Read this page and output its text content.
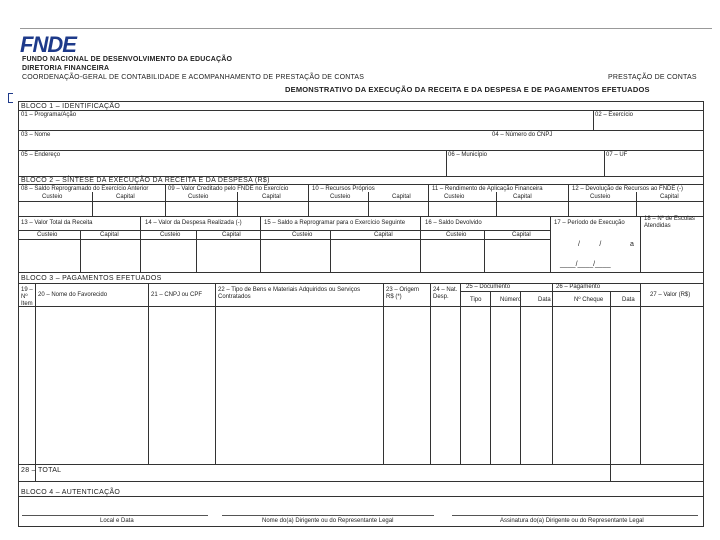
FNDE
FUNDO NACIONAL DE DESENVOLVIMENTO DA EDUCAÇÃO
DIRETORIA FINANCEIRA
COORDENAÇÃO-GERAL DE CONTABILIDADE E ACOMPANHAMENTO DE PRESTAÇÃO DE CONTAS	PRESTAÇÃO DE CONTAS
DEMONSTRATIVO DA EXECUÇÃO DA RECEITA E DA DESPESA E DE PAGAMENTOS EFETUADOS
BLOCO 1 – IDENTIFICAÇÃO
01 – Programa/Ação	02 – Exercício
03 – Nome	04 – Número do CNPJ
05 – Endereço	06 – Município	07 – UF
BLOCO 2 – SÍNTESE DA EXECUÇÃO DA RECEITA E DA DESPESA (R$)
08 – Saldo Reprogramado do Exercício Anterior	09 – Valor Creditado pelo FNDE no Exercício	10 – Recursos Próprios	11 – Rendimento de Aplicação Financeira	12 – Devolução de Recursos ao FNDE (-)
Custeio	Capital	Custeio	Capital	Custeio	Capital	Custeio	Capital	Custeio	Capital
13 – Valor Total da Receita	14 – Valor da Despesa Realizada (-)	15 – Saldo a Reprogramar para o Exercício Seguinte	16 – Saldo Devolvido	17 – Período de Execução
18 – Nº de Escolas Atendidas
Custeio	Capital	Custeio	Capital	Custeio	Capital	Custeio	Capital
/          /	a
____/____/____
BLOCO 3 – PAGAMENTOS EFETUADOS
19 – Nº Item
20 – Nome do Favorecido	21 – CNPJ ou CPF
22 – Tipo de Bens e Materiais Adquiridos ou Serviços Contratados
23 – Origem R$ (*)
24 – Nat. Desp.
25 – Documento
Tipo	Número	Data
26 – Pagamento
Nº Cheque	Data
27 – Valor (R$)
28 – TOTAL
BLOCO 4 – AUTENTICAÇÃO
Local e Data	Nome do(a) Dirigente ou do Representante Legal	Assinatura do(a) Dirigente ou do Representante Legal
